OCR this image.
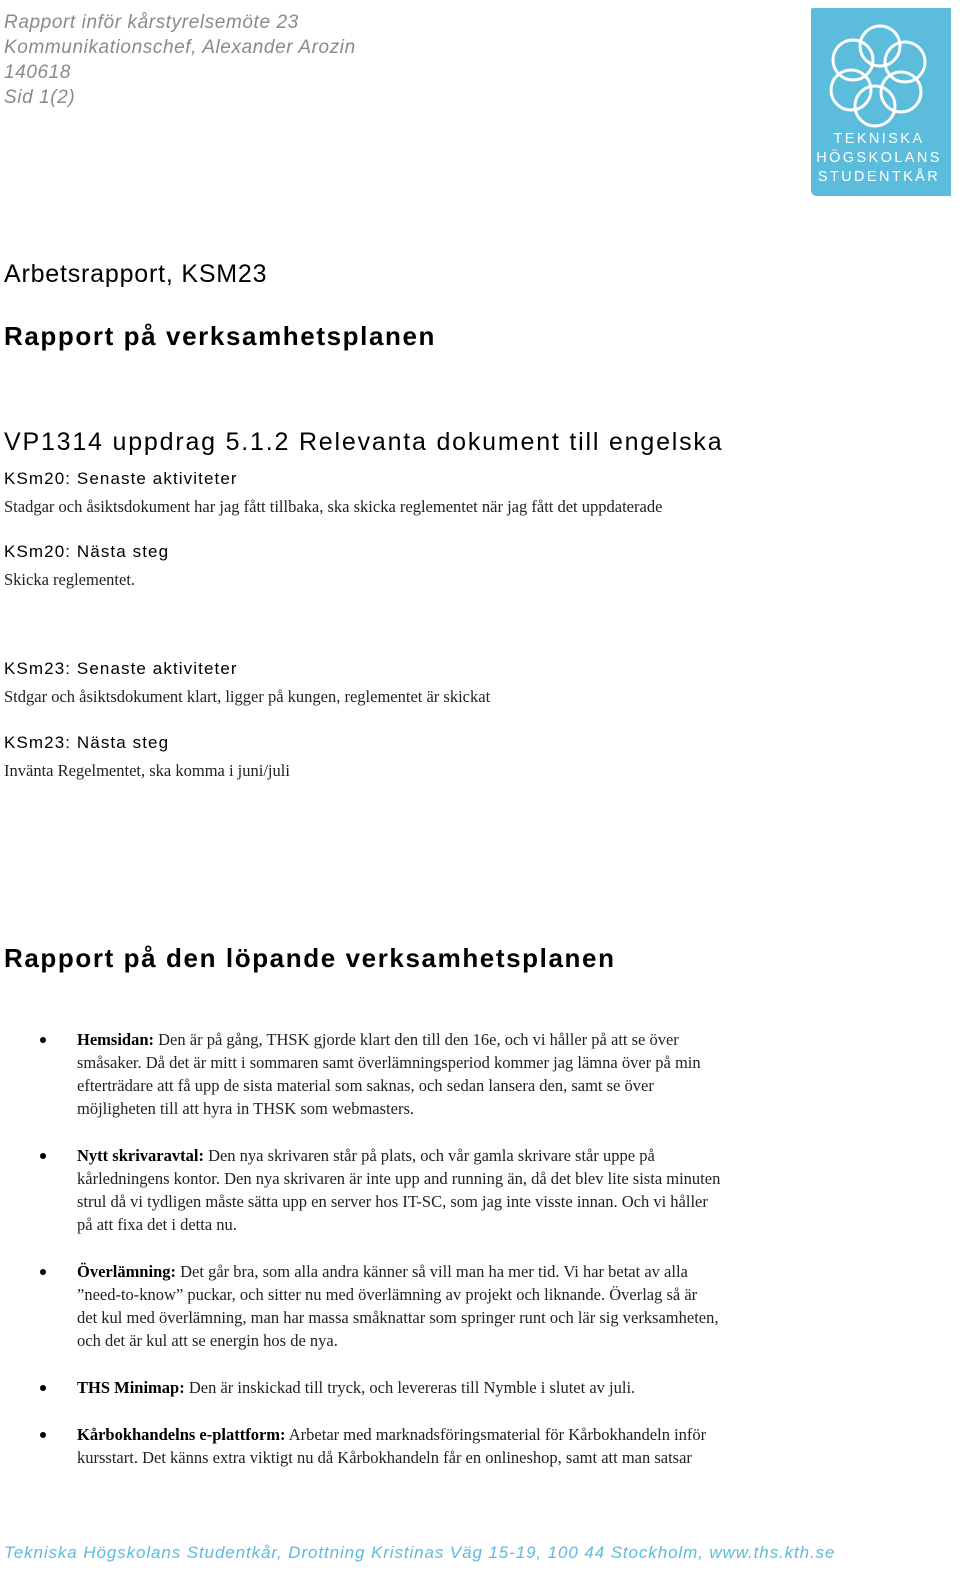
Rapport inför kårstyrelsemöte 23
Kommunikationschef, Alexander Arozin
140618
Sid 1(2)
TEKNISKA
HÖGSKOLANS
STUDENTKÅR
Arbetsrapport, KSM23
Rapport på verksamhetsplanen
VP1314 uppdrag 5.1.2 Relevanta dokument till engelska
KSm20: Senaste aktiviteter
Stadgar och åsiktsdokument har jag fått tillbaka, ska skicka reglementet när jag fått det uppdaterade
KSm20: Nästa steg
Skicka reglementet.
KSm23: Senaste aktiviteter
Stdgar och åsiktsdokument klart, ligger på kungen, reglementet är skickat
KSm23: Nästa steg
Invänta Regelmentet, ska komma i juni/juli
Rapport på den löpande verksamhetsplanen
Hemsidan: Den är på gång, THSK gjorde klart den till den 16e, och vi håller på att se över
småsaker. Då det är mitt i sommaren samt överlämningsperiod kommer jag lämna över på min
efterträdare att få upp de sista material som saknas, och sedan lansera den, samt se över
möjligheten till att hyra in THSK som webmasters.
Nytt skrivaravtal: Den nya skrivaren står på plats, och vår gamla skrivare står uppe på
kårledningens kontor. Den nya skrivaren är inte upp and running än, då det blev lite sista minuten
strul då vi tydligen måste sätta upp en server hos IT-SC, som jag inte visste innan. Och vi håller
på att fixa det i detta nu.
Överlämning: Det går bra, som alla andra känner så vill man ha mer tid. Vi har betat av alla
”need-to-know” puckar, och sitter nu med överlämning av projekt och liknande. Överlag så är
det kul med överlämning, man har massa småknattar som springer runt och lär sig verksamheten,
och det är kul att se energin hos de nya.
THS Minimap: Den är inskickad till tryck, och levereras till Nymble i slutet av juli.
Kårbokhandelns e-plattform: Arbetar med marknadsföringsmaterial för Kårbokhandeln inför
kursstart. Det känns extra viktigt nu då Kårbokhandeln får en onlineshop, samt att man satsar
Tekniska Högskolans Studentkår, Drottning Kristinas Väg 15-19, 100 44 Stockholm, www.ths.kth.se
